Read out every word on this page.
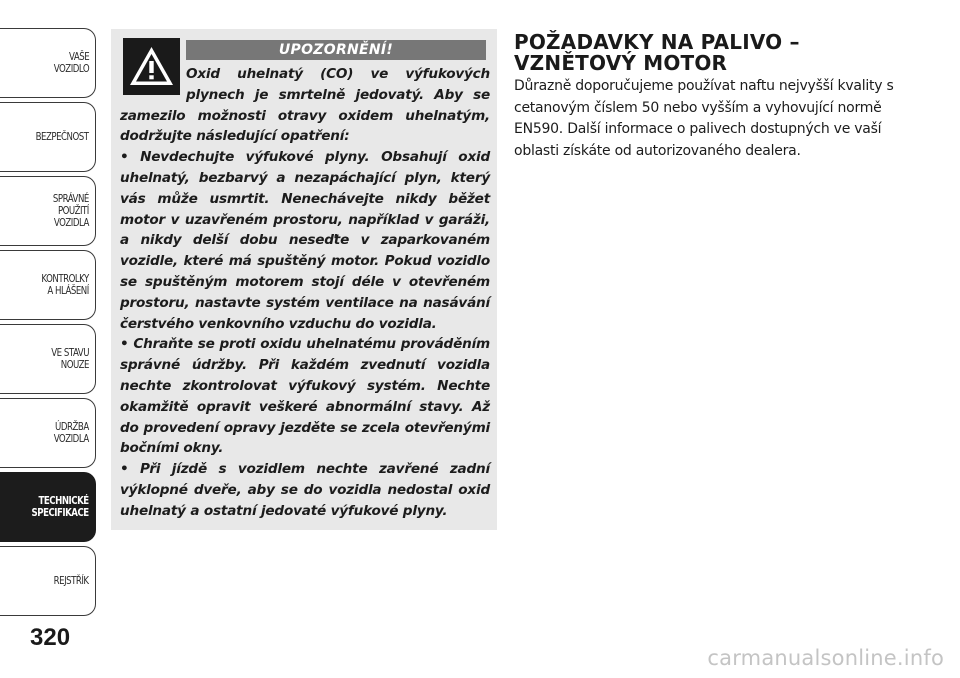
VAŠE
VOZIDLO
BEZPEČNOST
SPRÁVNÉ
POUŽITÍ
VOZIDLA
KONTROLKY
A HLÁŠENÍ
VE STAVU
NOUZE
ÚDRŽBA
VOZIDLA
TECHNICKÉ
SPECIFIKACE
REJSTŘÍK
320
UPOZORNĚNÍ!

Oxid uhelnatý (CO) ve výfukových plynech je smrtelně jedovatý. Aby se zamezilo možnosti otravy oxidem uhelnatým, dodržujte následující opatření:

• Nevdechujte výfukové plyny. Obsahují oxid uhelnatý, bezbarvý a nezapáchající plyn, který vás může usmrtit. Nenechávejte nikdy běžet motor v uzavřeném prostoru, například v garáži, a nikdy delší dobu neseďte v zaparkovaném vozidle, které má spuštěný motor. Pokud vozidlo se spuštěným motorem stojí déle v otevřeném prostoru, nastavte systém ventilace na nasávání čerstvého venkovního vzduchu do vozidla.

• Chraňte se proti oxidu uhelnatému prováděním správné údržby. Při každém zvednutí vozidla nechte zkontrolovat výfukový systém. Nechte okamžitě opravit veškeré abnormální stavy. Až do provedení opravy jezděte se zcela otevřenými bočními okny.

• Při jízdě s vozidlem nechte zavřené zadní výklopné dveře, aby se do vozidla nedostal oxid uhelnatý a ostatní jedovaté výfukové plyny.

POŽADAVKY NA PALIVO –
VZNĚTOVÝ MOTOR
Důrazně doporučujeme používat naftu nejvyšší kvality s cetanovým číslem 50 nebo vyšším a vyhovující normě EN590. Další informace o palivech dostupných ve vaší oblasti získáte od autorizovaného dealera.
carmanualsonline.info
